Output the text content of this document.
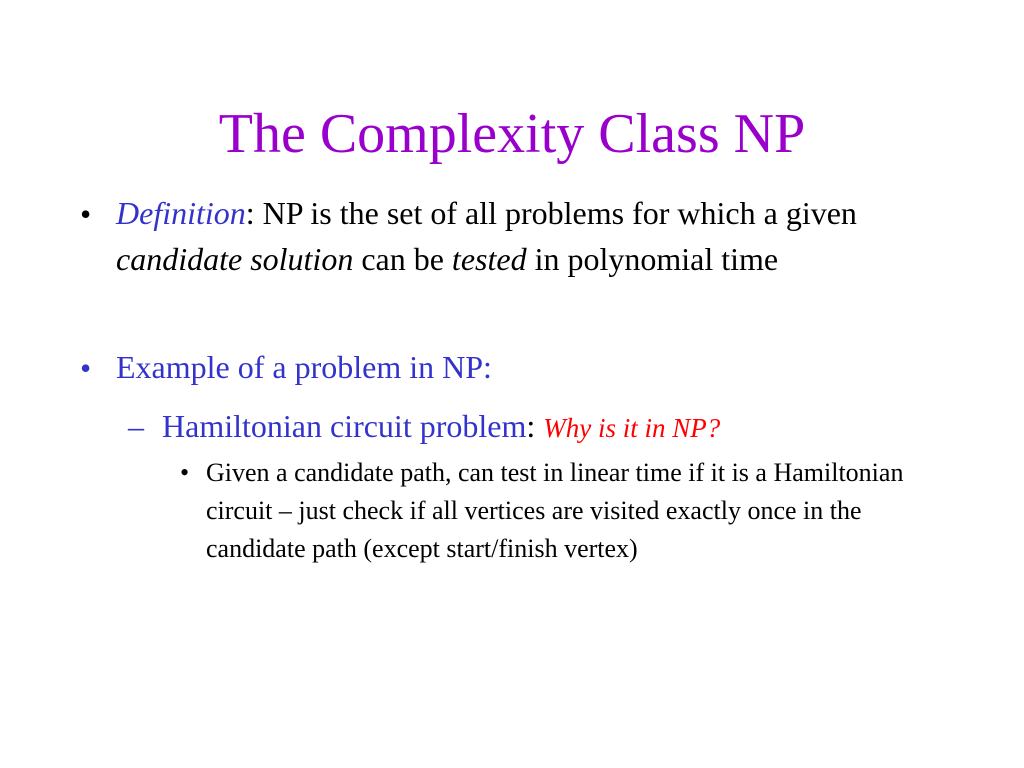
The Complexity Class NP
• Definition: NP is the set of all problems for which a given candidate solution can be tested in polynomial time
• Example of a problem in NP:
– Hamiltonian circuit problem: Why is it in NP?
• Given a candidate path, can test in linear time if it is a Hamiltonian circuit – just check if all vertices are visited exactly once in the candidate path (except start/finish vertex)
